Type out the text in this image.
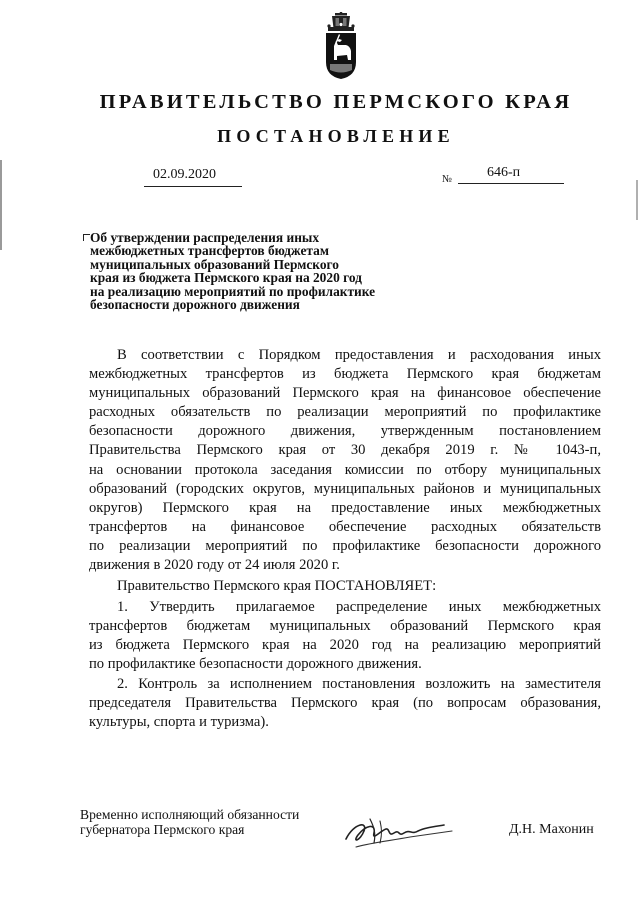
ПРАВИТЕЛЬСТВО ПЕРМСКОГО КРАЯ
ПОСТАНОВЛЕНИЕ
02.09.2020	№ 646-п
Об утверждении распределения иных
межбюджетных трансфертов бюджетам
муниципальных образований Пермского
края из бюджета Пермского края на 2020 год
на реализацию мероприятий по профилактике
безопасности дорожного движения
В соответствии с Порядком предоставления и расходования иных
межбюджетных трансфертов из бюджета Пермского края бюджетам
муниципальных образований Пермского края на финансовое обеспечение
расходных обязательств по реализации мероприятий по профилактике
безопасности дорожного движения, утвержденным постановлением
Правительства Пермского края от 30 декабря 2019 г. № 1043-п,
на основании протокола заседания комиссии по отбору муниципальных
образований (городских округов, муниципальных районов и муниципальных
округов) Пермского края на предоставление иных межбюджетных
трансфертов на финансовое обеспечение расходных обязательств
по реализации мероприятий по профилактике безопасности дорожного
движения в 2020 году от 24 июля 2020 г.
Правительство Пермского края ПОСТАНОВЛЯЕТ:
1. Утвердить прилагаемое распределение иных межбюджетных
трансфертов бюджетам муниципальных образований Пермского края
из бюджета Пермского края на 2020 год на реализацию мероприятий
по профилактике безопасности дорожного движения.
2. Контроль за исполнением постановления возложить на заместителя
председателя Правительства Пермского края (по вопросам образования,
культуры, спорта и туризма).
Временно исполняющий обязанности
губернатора Пермского края	Д.Н. Махонин
